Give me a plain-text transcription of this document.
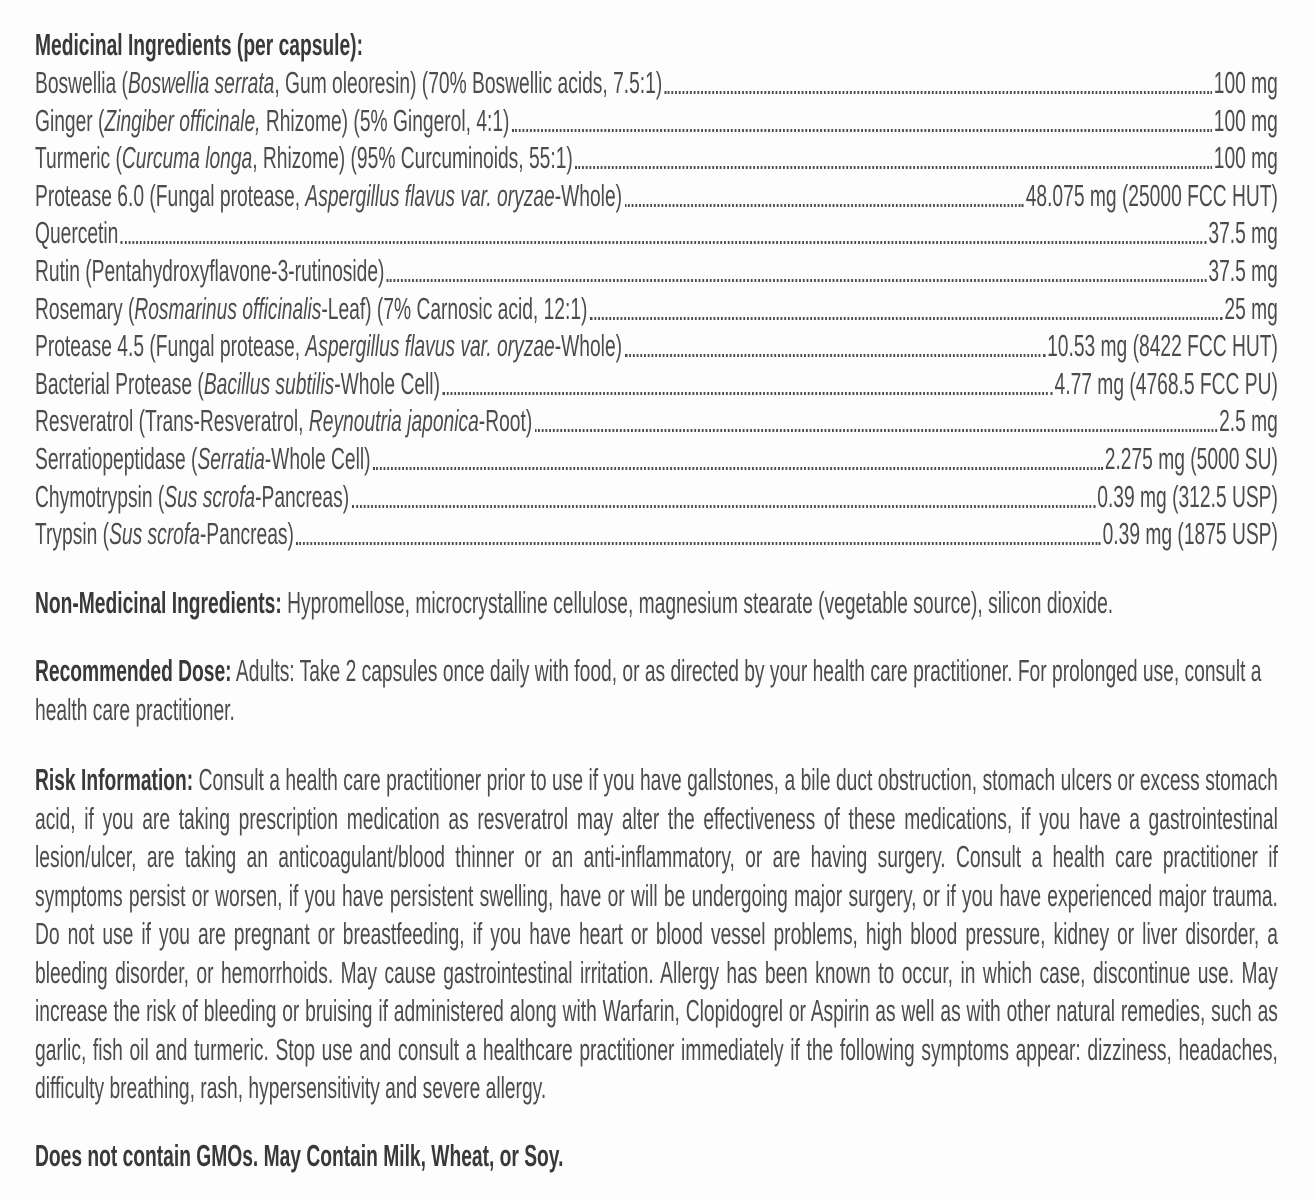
Medicinal Ingredients (per capsule):
Boswellia (Boswellia serrata, Gum oleoresin) (70% Boswellic acids, 7.5:1)	100 mg
Ginger (Zingiber officinale, Rhizome) (5% Gingerol, 4:1)	100 mg
Turmeric (Curcuma longa, Rhizome) (95% Curcuminoids, 55:1)	100 mg
Protease 6.0 (Fungal protease, Aspergillus flavus var. oryzae-Whole)	48.075 mg (25000 FCC HUT)
Quercetin	37.5 mg
Rutin (Pentahydroxyflavone-3-rutinoside)	37.5 mg
Rosemary (Rosmarinus officinalis-Leaf) (7% Carnosic acid, 12:1)	25 mg
Protease 4.5 (Fungal protease, Aspergillus flavus var. oryzae-Whole)	10.53 mg (8422 FCC HUT)
Bacterial Protease (Bacillus subtilis-Whole Cell)	4.77 mg (4768.5 FCC PU)
Resveratrol (Trans-Resveratrol, Reynoutria japonica-Root)	2.5 mg
Serratiopeptidase (Serratia-Whole Cell)	2.275 mg (5000 SU)
Chymotrypsin (Sus scrofa-Pancreas)	0.39 mg (312.5 USP)
Trypsin (Sus scrofa-Pancreas)	0.39 mg (1875 USP)

Non-Medicinal Ingredients: Hypromellose, microcrystalline cellulose, magnesium stearate (vegetable source), silicon dioxide.

Recommended Dose: Adults: Take 2 capsules once daily with food, or as directed by your health care practitioner. For prolonged use, consult a health care practitioner.

Risk Information: Consult a health care practitioner prior to use if you have gallstones, a bile duct obstruction, stomach ulcers or excess stomach acid, if you are taking prescription medication as resveratrol may alter the effectiveness of these medications, if you have a gastrointestinal lesion/ulcer, are taking an anticoagulant/blood thinner or an anti-inflammatory, or are having surgery. Consult a health care practitioner if symptoms persist or worsen, if you have persistent swelling, have or will be undergoing major surgery, or if you have experienced major trauma. Do not use if you are pregnant or breastfeeding, if you have heart or blood vessel problems, high blood pressure, kidney or liver disorder, a bleeding disorder, or hemorrhoids. May cause gastrointestinal irritation. Allergy has been known to occur, in which case, discontinue use. May increase the risk of bleeding or bruising if administered along with Warfarin, Clopidogrel or Aspirin as well as with other natural remedies, such as garlic, fish oil and turmeric. Stop use and consult a healthcare practitioner immediately if the following symptoms appear: dizziness, headaches, difficulty breathing, rash, hypersensitivity and severe allergy.

Does not contain GMOs. May Contain Milk, Wheat, or Soy.
